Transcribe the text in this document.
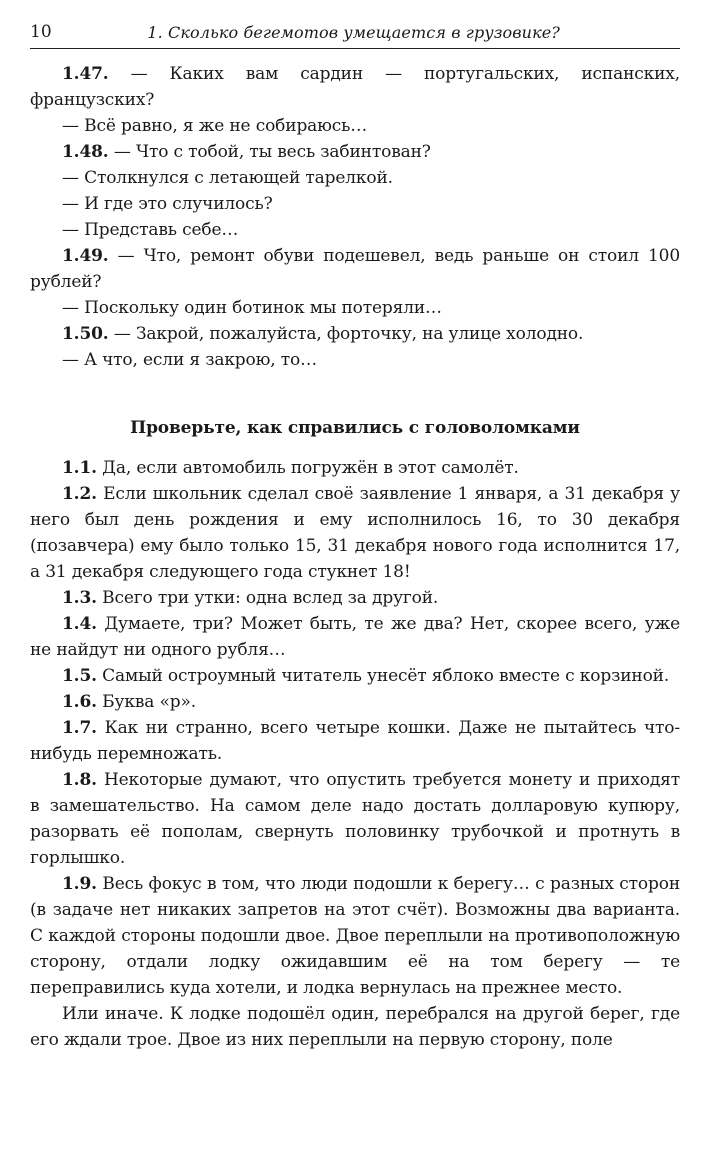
10	1. Сколько бегемотов умещается в грузовике?

1.47. — Каких вам сардин — португальских, испанских, французских?

— Всё равно, я же не собираюсь…

1.48. — Что с тобой, ты весь забинтован?

— Столкнулся с летающей тарелкой.

— И где это случилось?

— Представь себе…

1.49. — Что, ремонт обуви подешевел, ведь раньше он стоил 100 рублей?

— Поскольку один ботинок мы потеряли…

1.50. — Закрой, пожалуйста, форточку, на улице холодно.

— А что, если я закрою, то…

Проверьте, как справились с головоломками

1.1. Да, если автомобиль погружён в этот самолёт.

1.2. Если школьник сделал своё заявление 1 января, а 31 декабря у него был день рождения и ему исполнилось 16, то 30 декабря (позавчера) ему было только 15, 31 декабря нового года исполнится 17, а 31 декабря следующего года стукнет 18!

1.3. Всего три утки: одна вслед за другой.

1.4. Думаете, три? Может быть, те же два? Нет, скорее всего, уже не найдут ни одного рубля…

1.5. Самый остроумный читатель унесёт яблоко вместе с корзиной.

1.6. Буква «р».

1.7. Как ни странно, всего четыре кошки. Даже не пытайтесь что-нибудь перемножать.

1.8. Некоторые думают, что опустить требуется монету и приходят в замешательство. На самом деле надо достать долларовую купюру, разорвать её пополам, свернуть половинку трубочкой и протнуть в горлышко.

1.9. Весь фокус в том, что люди подошли к берегу… с разных сторон (в задаче нет никаких запретов на этот счёт). Возможны два варианта. С каждой стороны подошли двое. Двое переплыли на противоположную сторону, отдали лодку ожидавшим её на том берегу — те переправились куда хотели, и лодка вернулась на прежнее место.

Или иначе. К лодке подошёл один, перебрался на другой берег, где его ждали трое. Двое из них переплыли на первую сторону, поле
